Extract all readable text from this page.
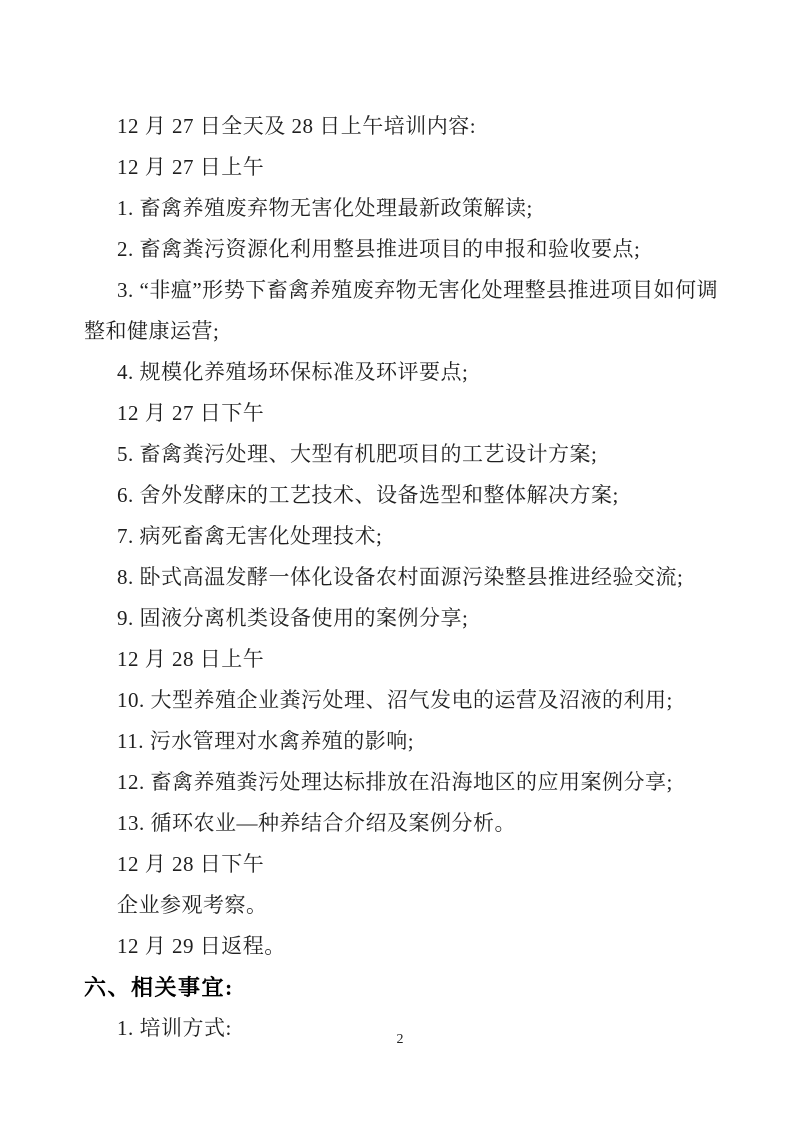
12 月 27 日全天及 28 日上午培训内容:

12 月 27 日上午

1. 畜禽养殖废弃物无害化处理最新政策解读;

2. 畜禽粪污资源化利用整县推进项目的申报和验收要点;

3. “非瘟”形势下畜禽养殖废弃物无害化处理整县推进项目如何调

整和健康运营;

4. 规模化养殖场环保标准及环评要点;

12 月 27 日下午

5. 畜禽粪污处理、大型有机肥项目的工艺设计方案;

6. 舍外发酵床的工艺技术、设备选型和整体解决方案;

7. 病死畜禽无害化处理技术;

8. 卧式高温发酵一体化设备农村面源污染整县推进经验交流;

9. 固液分离机类设备使用的案例分享;

12 月 28 日上午

10. 大型养殖企业粪污处理、沼气发电的运营及沼液的利用;

11. 污水管理对水禽养殖的影响;

12. 畜禽养殖粪污处理达标排放在沿海地区的应用案例分享;

13. 循环农业—种养结合介绍及案例分析。

12 月 28 日下午

企业参观考察。

12 月 29 日返程。

六、相关事宜:

1. 培训方式:	2
